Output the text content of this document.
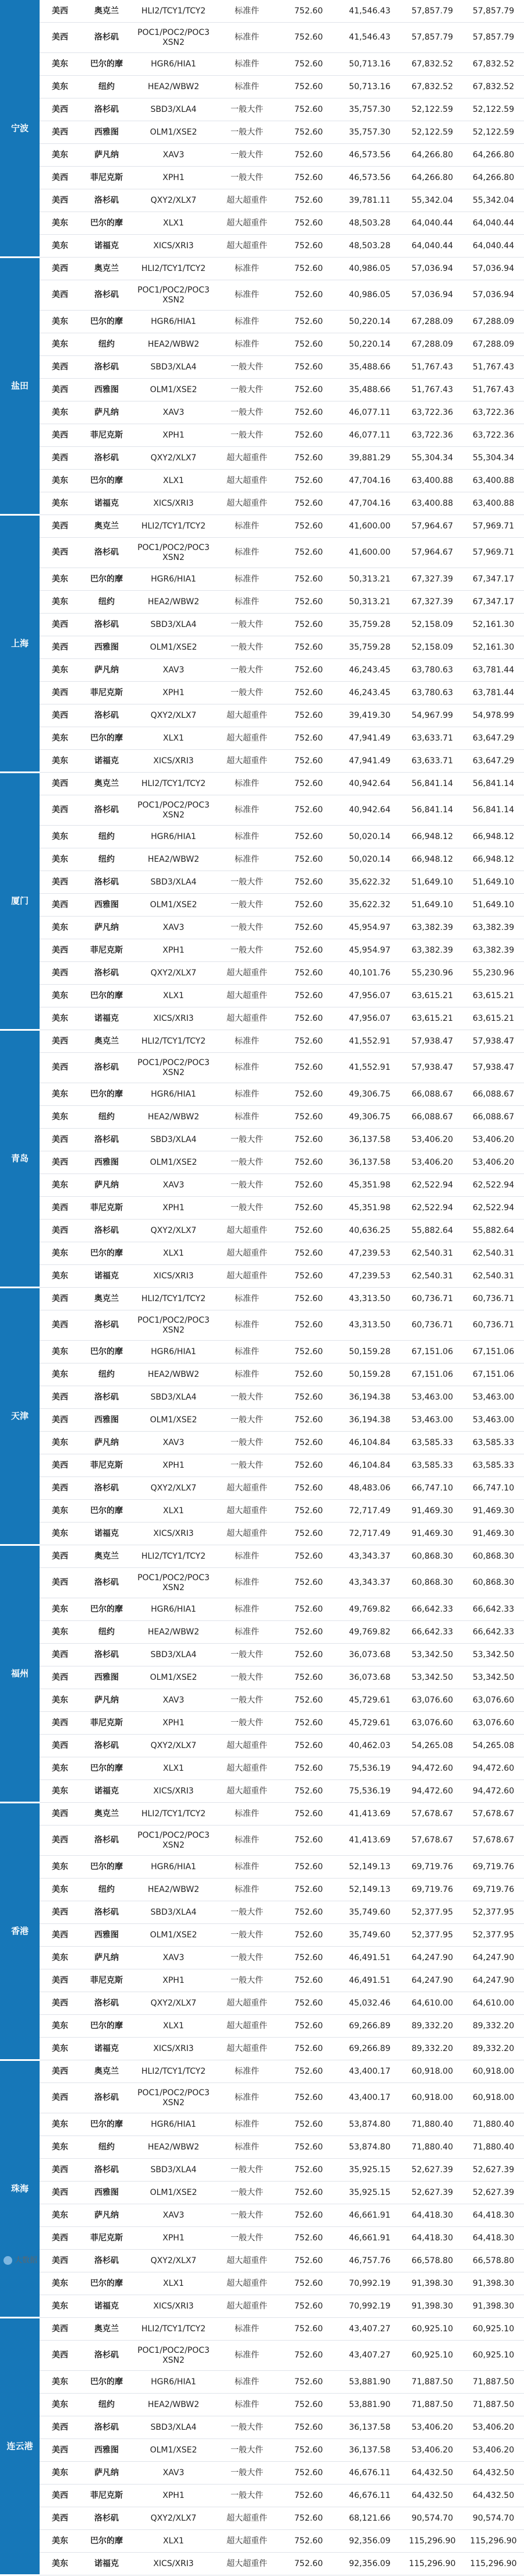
宁波	美西	奥克兰	HLI2/TCY1/TCY2	标准件	752.60	41,546.43	57,857.79	57,857.79
	美西	洛杉矶	POC1/POC2/POC3 XSN2	标准件	752.60	41,546.43	57,857.79	57,857.79
	美东	巴尔的摩	HGR6/HIA1	标准件	752.60	50,713.16	67,832.52	67,832.52
	美东	纽约	HEA2/WBW2	标准件	752.60	50,713.16	67,832.52	67,832.52
	美西	洛杉矶	SBD3/XLA4	一般大件	752.60	35,757.30	52,122.59	52,122.59
	美西	西雅图	OLM1/XSE2	一般大件	752.60	35,757.30	52,122.59	52,122.59
	美东	萨凡纳	XAV3	一般大件	752.60	46,573.56	64,266.80	64,266.80
	美西	菲尼克斯	XPH1	一般大件	752.60	46,573.56	64,266.80	64,266.80
	美西	洛杉矶	QXY2/XLX7	超大超重件	752.60	39,781.11	55,342.04	55,342.04
	美东	巴尔的摩	XLX1	超大超重件	752.60	48,503.28	64,040.44	64,040.44
	美东	诺福克	XICS/XRI3	超大超重件	752.60	48,503.28	64,040.44	64,040.44
盐田	美西	奥克兰	HLI2/TCY1/TCY2	标准件	752.60	40,986.05	57,036.94	57,036.94
	美西	洛杉矶	POC1/POC2/POC3 XSN2	标准件	752.60	40,986.05	57,036.94	57,036.94
	美东	巴尔的摩	HGR6/HIA1	标准件	752.60	50,220.14	67,288.09	67,288.09
	美东	纽约	HEA2/WBW2	标准件	752.60	50,220.14	67,288.09	67,288.09
	美西	洛杉矶	SBD3/XLA4	一般大件	752.60	35,488.66	51,767.43	51,767.43
	美西	西雅图	OLM1/XSE2	一般大件	752.60	35,488.66	51,767.43	51,767.43
	美东	萨凡纳	XAV3	一般大件	752.60	46,077.11	63,722.36	63,722.36
	美西	菲尼克斯	XPH1	一般大件	752.60	46,077.11	63,722.36	63,722.36
	美西	洛杉矶	QXY2/XLX7	超大超重件	752.60	39,881.29	55,304.34	55,304.34
	美东	巴尔的摩	XLX1	超大超重件	752.60	47,704.16	63,400.88	63,400.88
	美东	诺福克	XICS/XRI3	超大超重件	752.60	47,704.16	63,400.88	63,400.88
上海	美西	奥克兰	HLI2/TCY1/TCY2	标准件	752.60	41,600.00	57,964.67	57,969.71
	美西	洛杉矶	POC1/POC2/POC3 XSN2	标准件	752.60	41,600.00	57,964.67	57,969.71
	美东	巴尔的摩	HGR6/HIA1	标准件	752.60	50,313.21	67,327.39	67,347.17
	美东	纽约	HEA2/WBW2	标准件	752.60	50,313.21	67,327.39	67,347.17
	美西	洛杉矶	SBD3/XLA4	一般大件	752.60	35,759.28	52,158.09	52,161.30
	美西	西雅图	OLM1/XSE2	一般大件	752.60	35,759.28	52,158.09	52,161.30
	美东	萨凡纳	XAV3	一般大件	752.60	46,243.45	63,780.63	63,781.44
	美西	菲尼克斯	XPH1	一般大件	752.60	46,243.45	63,780.63	63,781.44
	美西	洛杉矶	QXY2/XLX7	超大超重件	752.60	39,419.30	54,967.99	54,978.99
	美东	巴尔的摩	XLX1	超大超重件	752.60	47,941.49	63,633.71	63,647.29
	美东	诺福克	XICS/XRI3	超大超重件	752.60	47,941.49	63,633.71	63,647.29
厦门	美西	奥克兰	HLI2/TCY1/TCY2	标准件	752.60	40,942.64	56,841.14	56,841.14
	美西	洛杉矶	POC1/POC2/POC3 XSN2	标准件	752.60	40,942.64	56,841.14	56,841.14
	美东	纽约	HGR6/HIA1	标准件	752.60	50,020.14	66,948.12	66,948.12
	美东	纽约	HEA2/WBW2	标准件	752.60	50,020.14	66,948.12	66,948.12
	美西	洛杉矶	SBD3/XLA4	一般大件	752.60	35,622.32	51,649.10	51,649.10
	美西	西雅图	OLM1/XSE2	一般大件	752.60	35,622.32	51,649.10	51,649.10
	美东	萨凡纳	XAV3	一般大件	752.60	45,954.97	63,382.39	63,382.39
	美西	菲尼克斯	XPH1	一般大件	752.60	45,954.97	63,382.39	63,382.39
	美西	洛杉矶	QXY2/XLX7	超大超重件	752.60	40,101.76	55,230.96	55,230.96
	美东	巴尔的摩	XLX1	超大超重件	752.60	47,956.07	63,615.21	63,615.21
	美东	诺福克	XICS/XRI3	超大超重件	752.60	47,956.07	63,615.21	63,615.21
青岛	美西	奥克兰	HLI2/TCY1/TCY2	标准件	752.60	41,552.91	57,938.47	57,938.47
	美西	洛杉矶	POC1/POC2/POC3 XSN2	标准件	752.60	41,552.91	57,938.47	57,938.47
	美东	巴尔的摩	HGR6/HIA1	标准件	752.60	49,306.75	66,088.67	66,088.67
	美东	纽约	HEA2/WBW2	标准件	752.60	49,306.75	66,088.67	66,088.67
	美西	洛杉矶	SBD3/XLA4	一般大件	752.60	36,137.58	53,406.20	53,406.20
	美西	西雅图	OLM1/XSE2	一般大件	752.60	36,137.58	53,406.20	53,406.20
	美东	萨凡纳	XAV3	一般大件	752.60	45,351.98	62,522.94	62,522.94
	美西	菲尼克斯	XPH1	一般大件	752.60	45,351.98	62,522.94	62,522.94
	美西	洛杉矶	QXY2/XLX7	超大超重件	752.60	40,636.25	55,882.64	55,882.64
	美东	巴尔的摩	XLX1	超大超重件	752.60	47,239.53	62,540.31	62,540.31
	美东	诺福克	XICS/XRI3	超大超重件	752.60	47,239.53	62,540.31	62,540.31
天津	美西	奥克兰	HLI2/TCY1/TCY2	标准件	752.60	43,313.50	60,736.71	60,736.71
	美西	洛杉矶	POC1/POC2/POC3 XSN2	标准件	752.60	43,313.50	60,736.71	60,736.71
	美东	巴尔的摩	HGR6/HIA1	标准件	752.60	50,159.28	67,151.06	67,151.06
	美东	纽约	HEA2/WBW2	标准件	752.60	50,159.28	67,151.06	67,151.06
	美西	洛杉矶	SBD3/XLA4	一般大件	752.60	36,194.38	53,463.00	53,463.00
	美西	西雅图	OLM1/XSE2	一般大件	752.60	36,194.38	53,463.00	53,463.00
	美东	萨凡纳	XAV3	一般大件	752.60	46,104.84	63,585.33	63,585.33
	美西	菲尼克斯	XPH1	一般大件	752.60	46,104.84	63,585.33	63,585.33
	美西	洛杉矶	QXY2/XLX7	超大超重件	752.60	48,483.06	66,747.10	66,747.10
	美东	巴尔的摩	XLX1	超大超重件	752.60	72,717.49	91,469.30	91,469.30
	美东	诺福克	XICS/XRI3	超大超重件	752.60	72,717.49	91,469.30	91,469.30
福州	美西	奥克兰	HLI2/TCY1/TCY2	标准件	752.60	43,343.37	60,868.30	60,868.30
	美西	洛杉矶	POC1/POC2/POC3 XSN2	标准件	752.60	43,343.37	60,868.30	60,868.30
	美东	巴尔的摩	HGR6/HIA1	标准件	752.60	49,769.82	66,642.33	66,642.33
	美东	纽约	HEA2/WBW2	标准件	752.60	49,769.82	66,642.33	66,642.33
	美西	洛杉矶	SBD3/XLA4	一般大件	752.60	36,073.68	53,342.50	53,342.50
	美西	西雅图	OLM1/XSE2	一般大件	752.60	36,073.68	53,342.50	53,342.50
	美东	萨凡纳	XAV3	一般大件	752.60	45,729.61	63,076.60	63,076.60
	美西	菲尼克斯	XPH1	一般大件	752.60	45,729.61	63,076.60	63,076.60
	美西	洛杉矶	QXY2/XLX7	超大超重件	752.60	40,462.03	54,265.08	54,265.08
	美东	巴尔的摩	XLX1	超大超重件	752.60	75,536.19	94,472.60	94,472.60
	美东	诺福克	XICS/XRI3	超大超重件	752.60	75,536.19	94,472.60	94,472.60
香港	美西	奥克兰	HLI2/TCY1/TCY2	标准件	752.60	41,413.69	57,678.67	57,678.67
	美西	洛杉矶	POC1/POC2/POC3 XSN2	标准件	752.60	41,413.69	57,678.67	57,678.67
	美东	巴尔的摩	HGR6/HIA1	标准件	752.60	52,149.13	69,719.76	69,719.76
	美东	纽约	HEA2/WBW2	标准件	752.60	52,149.13	69,719.76	69,719.76
	美西	洛杉矶	SBD3/XLA4	一般大件	752.60	35,749.60	52,377.95	52,377.95
	美西	西雅图	OLM1/XSE2	一般大件	752.60	35,749.60	52,377.95	52,377.95
	美东	萨凡纳	XAV3	一般大件	752.60	46,491.51	64,247.90	64,247.90
	美西	菲尼克斯	XPH1	一般大件	752.60	46,491.51	64,247.90	64,247.90
	美西	洛杉矶	QXY2/XLX7	超大超重件	752.60	45,032.46	64,610.00	64,610.00
	美东	巴尔的摩	XLX1	超大超重件	752.60	69,266.89	89,332.20	89,332.20
	美东	诺福克	XICS/XRI3	超大超重件	752.60	69,266.89	89,332.20	89,332.20
珠海	美西	奥克兰	HLI2/TCY1/TCY2	标准件	752.60	43,400.17	60,918.00	60,918.00
	美西	洛杉矶	POC1/POC2/POC3 XSN2	标准件	752.60	43,400.17	60,918.00	60,918.00
	美东	巴尔的摩	HGR6/HIA1	标准件	752.60	53,874.80	71,880.40	71,880.40
	美东	纽约	HEA2/WBW2	标准件	752.60	53,874.80	71,880.40	71,880.40
	美西	洛杉矶	SBD3/XLA4	一般大件	752.60	35,925.15	52,627.39	52,627.39
	美西	西雅图	OLM1/XSE2	一般大件	752.60	35,925.15	52,627.39	52,627.39
	美东	萨凡纳	XAV3	一般大件	752.60	46,661.91	64,418.30	64,418.30
	美西	菲尼克斯	XPH1	一般大件	752.60	46,661.91	64,418.30	64,418.30
	美西	洛杉矶	QXY2/XLX7	超大超重件	752.60	46,757.76	66,578.80	66,578.80
	美东	巴尔的摩	XLX1	超大超重件	752.60	70,992.19	91,398.30	91,398.30
	美东	诺福克	XICS/XRI3	超大超重件	752.60	70,992.19	91,398.30	91,398.30
连云港	美西	奥克兰	HLI2/TCY1/TCY2	标准件	752.60	43,407.27	60,925.10	60,925.10
	美西	洛杉矶	POC1/POC2/POC3 XSN2	标准件	752.60	43,407.27	60,925.10	60,925.10
	美东	巴尔的摩	HGR6/HIA1	标准件	752.60	53,881.90	71,887.50	71,887.50
	美东	纽约	HEA2/WBW2	标准件	752.60	53,881.90	71,887.50	71,887.50
	美西	洛杉矶	SBD3/XLA4	一般大件	752.60	36,137.58	53,406.20	53,406.20
	美西	西雅图	OLM1/XSE2	一般大件	752.60	36,137.58	53,406.20	53,406.20
	美东	萨凡纳	XAV3	一般大件	752.60	46,676.11	64,432.50	64,432.50
	美西	菲尼克斯	XPH1	一般大件	752.60	46,676.11	64,432.50	64,432.50
	美西	洛杉矶	QXY2/XLX7	超大超重件	752.60	68,121.66	90,574.70	90,574.70
	美东	巴尔的摩	XLX1	超大超重件	752.60	92,356.09	115,296.90	115,296.90
	美东	诺福克	XICS/XRI3	超大超重件	752.60	92,356.09	115,296.90	115,296.90
大数据
